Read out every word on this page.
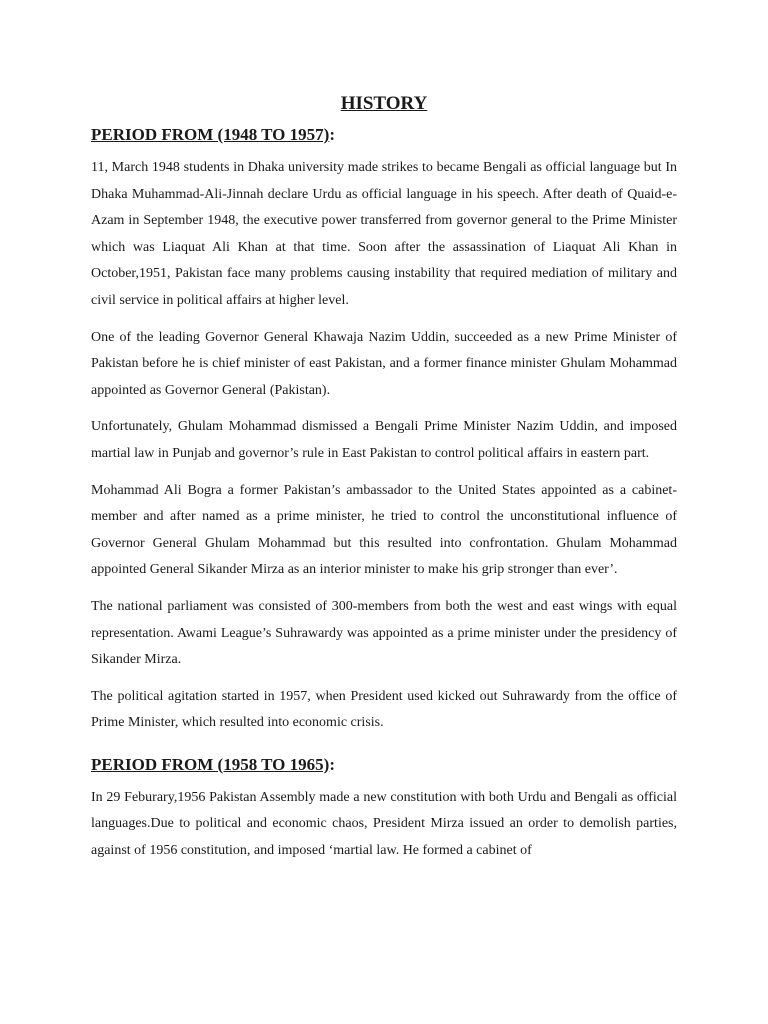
HISTORY
PERIOD FROM (1948 TO 1957):

11, March 1948 students in Dhaka university made strikes to became Bengali as official language but In Dhaka Muhammad-Ali-Jinnah declare Urdu as official language in his speech. After death of Quaid-e-Azam in September 1948, the executive power transferred from governor general to the Prime Minister which was Liaquat Ali Khan at that time. Soon after the assassination of Liaquat Ali Khan in October,1951, Pakistan face many problems causing instability that required mediation of military and civil service in political affairs at higher level.

One of the leading Governor General Khawaja Nazim Uddin, succeeded as a new Prime Minister of Pakistan before he is chief minister of east Pakistan, and a former finance minister Ghulam Mohammad appointed as Governor General (Pakistan).

Unfortunately, Ghulam Mohammad dismissed a Bengali Prime Minister Nazim Uddin, and imposed martial law in Punjab and governor’s rule in East Pakistan to control political affairs in eastern part.

Mohammad Ali Bogra a former Pakistan’s ambassador to the United States appointed as a cabinet-member and after named as a prime minister, he tried to control the unconstitutional influence of Governor General Ghulam Mohammad but this resulted into confrontation. Ghulam Mohammad appointed General Sikander Mirza as an interior minister to make his grip stronger than ever’.

The national parliament was consisted of 300-members from both the west and east wings with equal representation. Awami League’s Suhrawardy was appointed as a prime minister under the presidency of Sikander Mirza.

The political agitation started in 1957, when President used kicked out Suhrawardy from the office of Prime Minister, which resulted into economic crisis.

PERIOD FROM (1958 TO 1965):

In 29 Feburary,1956 Pakistan Assembly made a new constitution with both Urdu and Bengali as official languages.Due to political and economic chaos, President Mirza issued an order to demolish parties, against of 1956 constitution, and imposed ‘martial law. He formed a cabinet of
